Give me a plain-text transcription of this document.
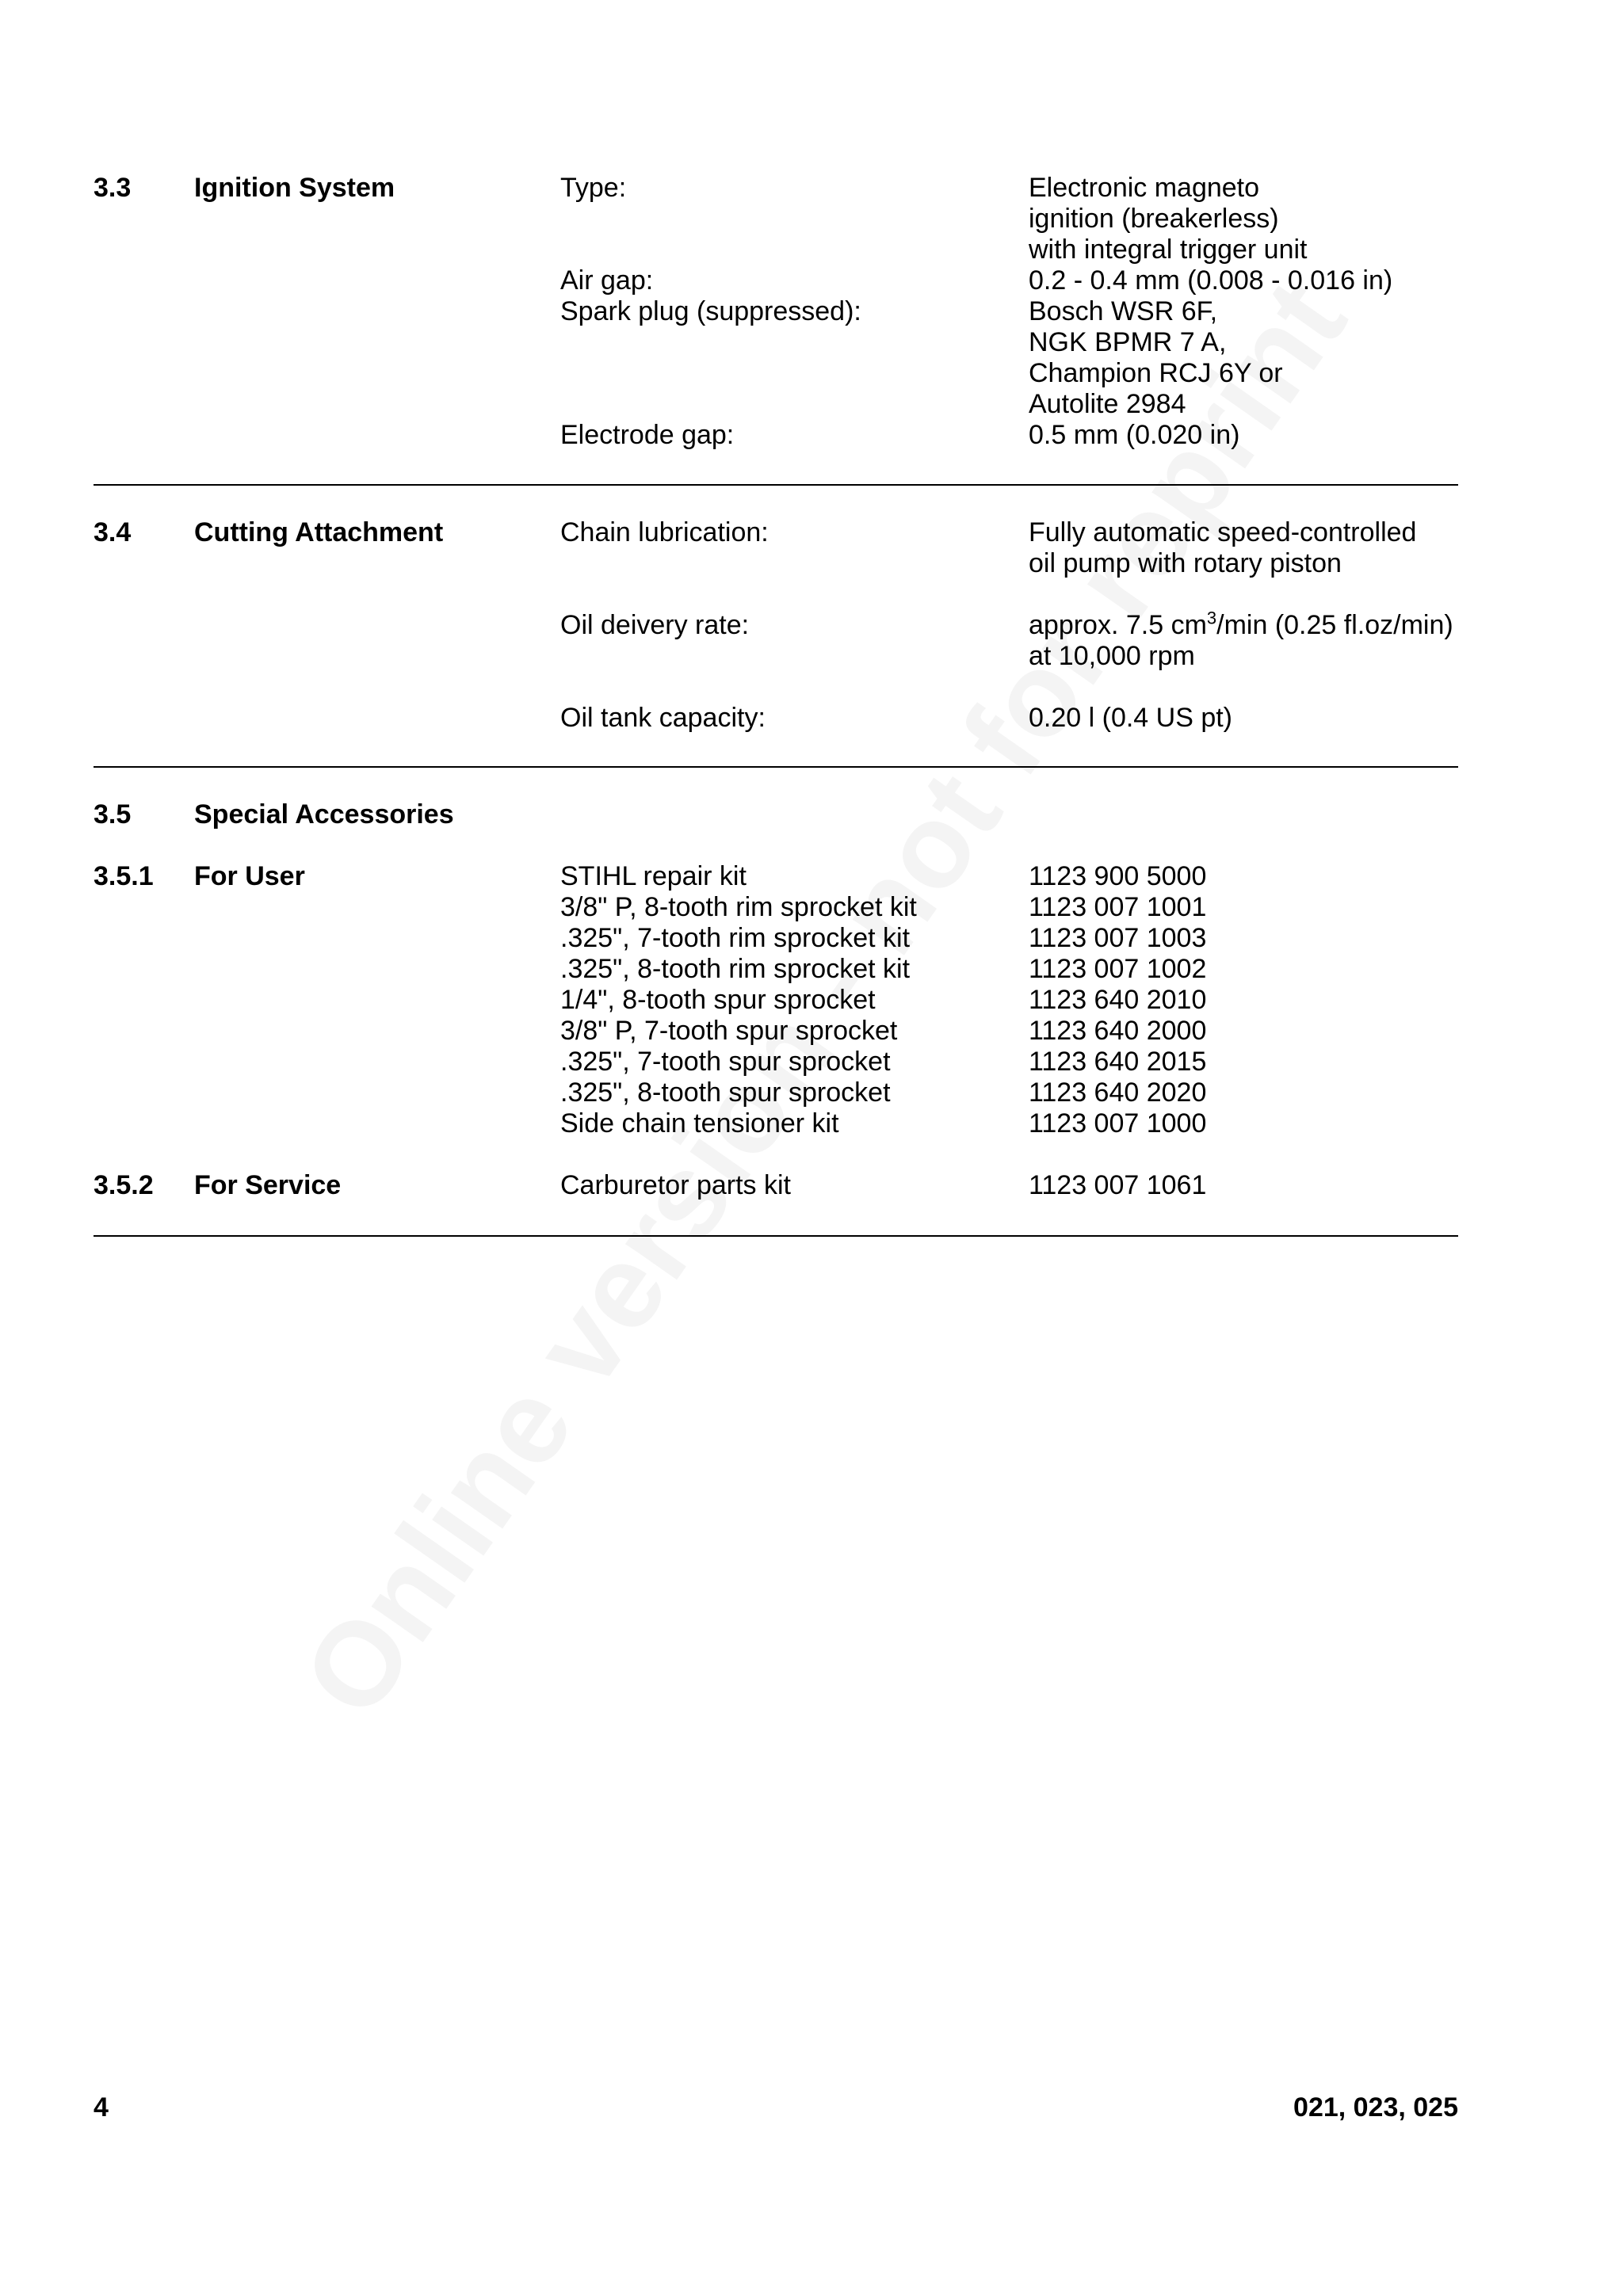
3.3 Ignition System	Type:	Electronic magneto
ignition (breakerless)
with integral trigger unit
Air gap:	0.2 - 0.4 mm (0.008 - 0.016 in)
Spark plug (suppressed):	Bosch WSR 6F,
NGK BPMR 7 A,
Champion RCJ 6Y or
Autolite 2984
Electrode gap:	0.5 mm (0.020 in)
3.4 Cutting Attachment	Chain lubrication:	Fully automatic speed-controlled
oil pump with rotary piston
Oil deivery rate:	approx. 7.5 $cm^3/\min$ (0.25 fl.oz/min)
at 10,000 rpm
Oil tank capacity:	0.20 l (0.4 US pt)
3.5 Special Accessories
3.5.1 For User	STIHL repair kit	1123 900 5000
3/8" P, 8-tooth rim sprocket kit	1123 007 1001
.325", 7-tooth rim sprocket kit	1123 007 1003
.325", 8-tooth rim sprocket kit	1123 007 1002
1/4", 8-tooth spur sprocket	1123 640 2010
3/8" P, 7-tooth spur sprocket	1123 640 2000
.325", 7-tooth spur sprocket	1123 640 2015
.325", 8-tooth spur sprocket	1123 640 2020
Side chain tensioner kit	1123 007 1000
3.5.2 For Service	Carburetor parts kit	1123 007 1061
4	021, 023, 025
